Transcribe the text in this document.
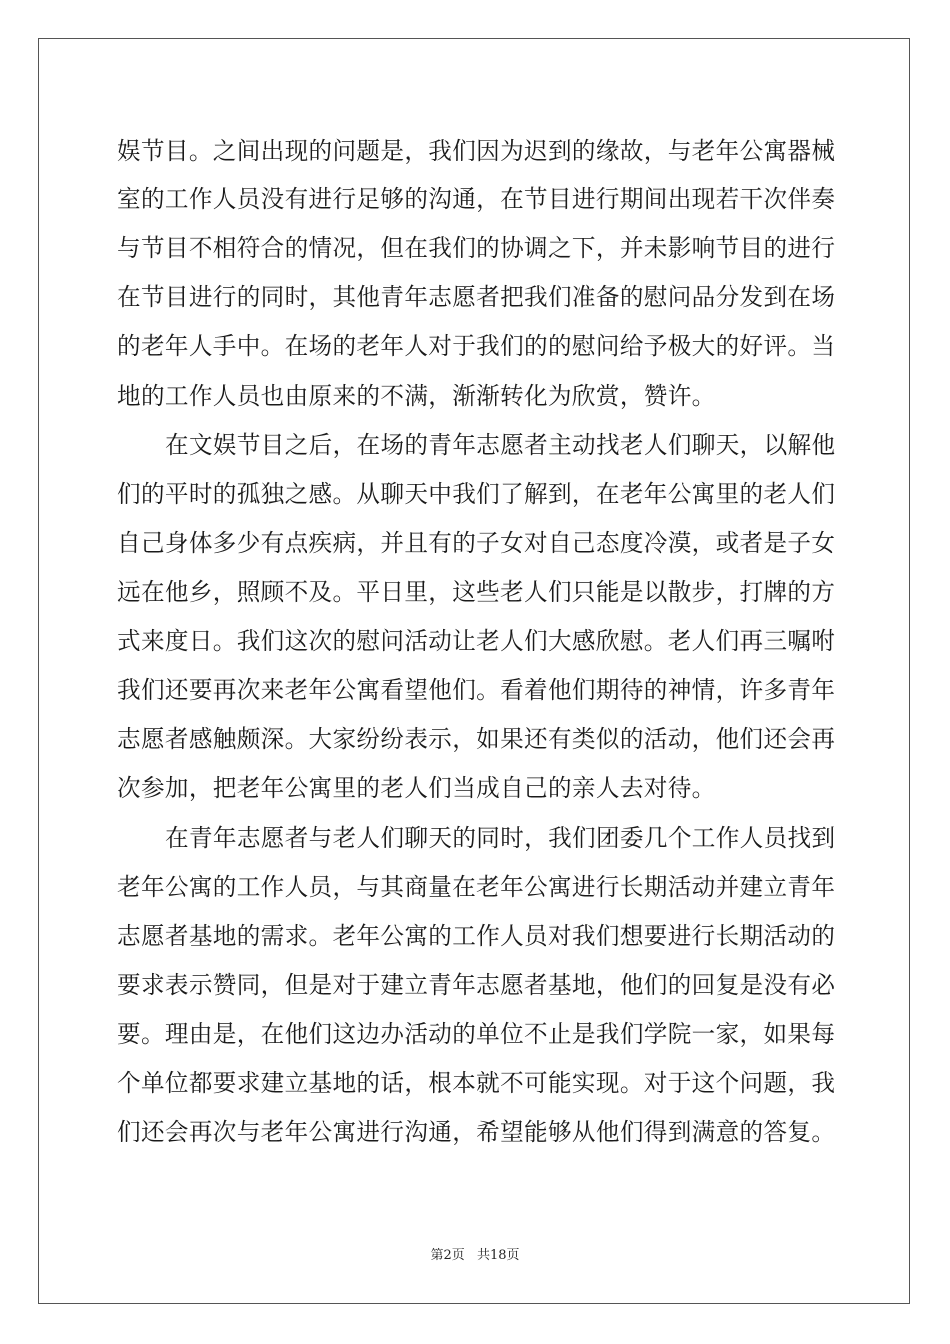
娱节目。之间出现的问题是，我们因为迟到的缘故，与老年公寓器械
室的工作人员没有进行足够的沟通，在节目进行期间出现若干次伴奏
与节目不相符合的情况，但在我们的协调之下，并未影响节目的进行
在节目进行的同时，其他青年志愿者把我们准备的慰问品分发到在场
的老年人手中。在场的老年人对于我们的的慰问给予极大的好评。当
地的工作人员也由原来的不满，渐渐转化为欣赏，赞许。
在文娱节目之后，在场的青年志愿者主动找老人们聊天，以解他
们的平时的孤独之感。从聊天中我们了解到，在老年公寓里的老人们
自己身体多少有点疾病，并且有的子女对自己态度冷漠，或者是子女
远在他乡，照顾不及。平日里，这些老人们只能是以散步，打牌的方
式来度日。我们这次的慰问活动让老人们大感欣慰。老人们再三嘱咐
我们还要再次来老年公寓看望他们。看着他们期待的神情，许多青年
志愿者感触颇深。大家纷纷表示，如果还有类似的活动，他们还会再
次参加，把老年公寓里的老人们当成自己的亲人去对待。
在青年志愿者与老人们聊天的同时，我们团委几个工作人员找到
老年公寓的工作人员，与其商量在老年公寓进行长期活动并建立青年
志愿者基地的需求。老年公寓的工作人员对我们想要进行长期活动的
要求表示赞同，但是对于建立青年志愿者基地，他们的回复是没有必
要。理由是，在他们这边办活动的单位不止是我们学院一家，如果每
个单位都要求建立基地的话，根本就不可能实现。对于这个问题，我
们还会再次与老年公寓进行沟通，希望能够从他们得到满意的答复。
第2页 共18页
